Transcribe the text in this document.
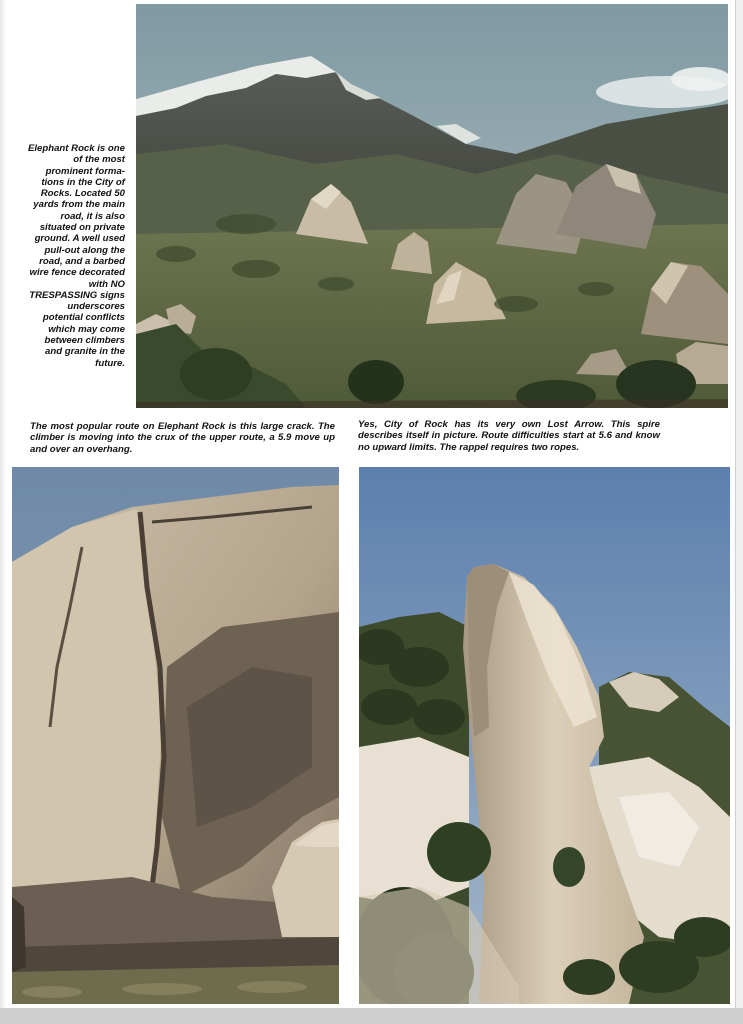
Elephant Rock is one
of the most
prominent forma-
tions in the City of
Rocks. Located 50
yards from the main
road, it is also
situated on private
ground. A well used
pull-out along the
road, and a barbed
wire fence decorated
with NO
TRESPASSING signs
underscores
potential conflicts
which may come
between climbers
and granite in the
future.
The most popular route on Elephant Rock is this large crack. The climber is moving into the crux of the upper route, a 5.9 move up and over an overhang.
Yes, City of Rock has its very own Lost Arrow. This spire describes itself in picture. Route difficulties start at 5.6 and know no upward limits. The rappel requires two ropes.
